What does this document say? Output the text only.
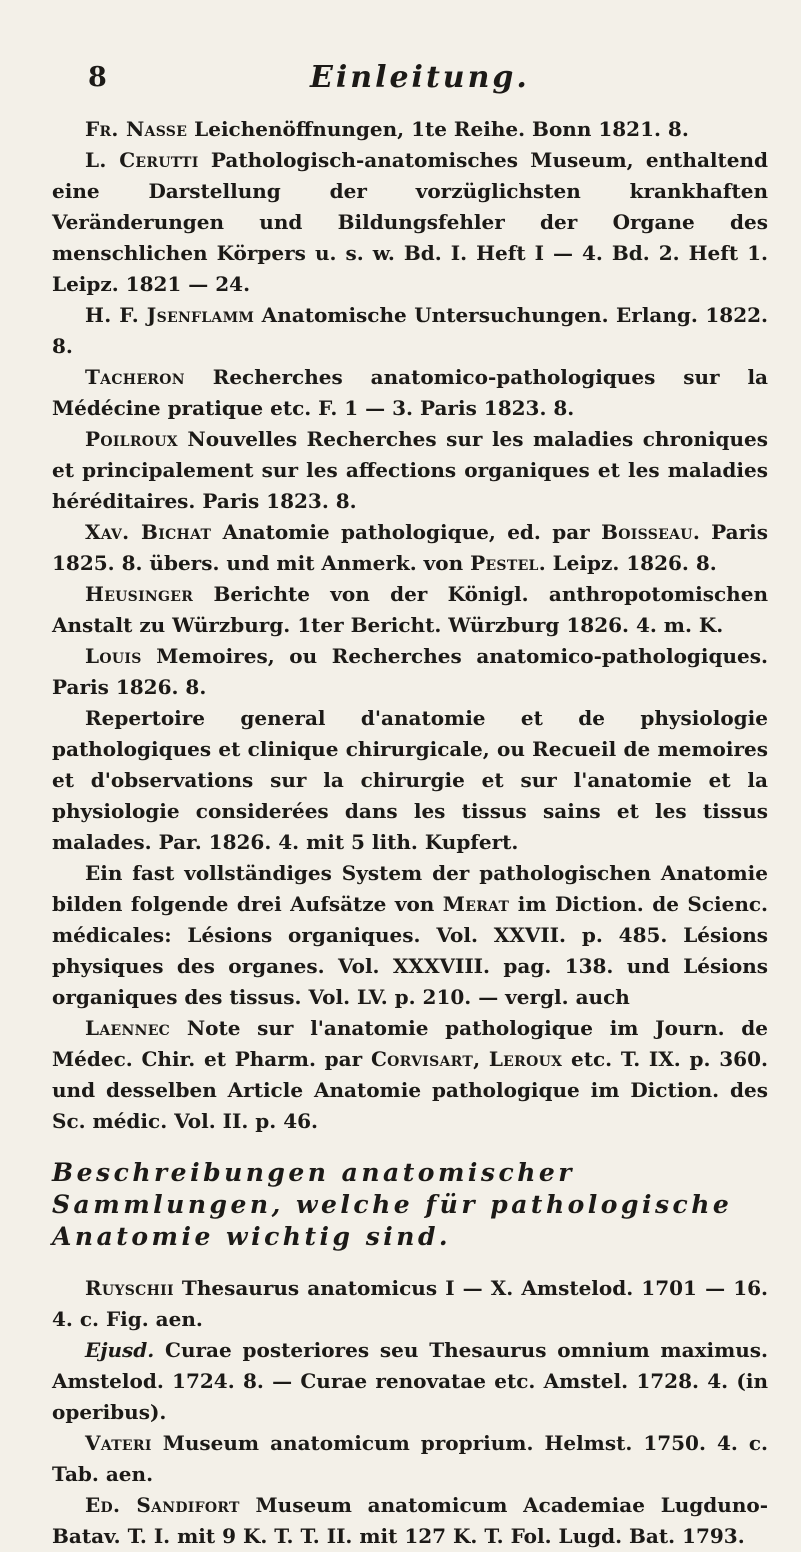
8	Einleitung.

Fr. Nasse Leichenöffnungen, 1te Reihe. Bonn 1821. 8.

L. Cerutti Pathologisch-anatomisches Museum, enthaltend eine Darstellung der vorzüglichsten krankhaften Veränderungen und Bildungsfehler der Organe des menschlichen Körpers u. s. w. Bd. I. Heft I — 4. Bd. 2. Heft 1. Leipz. 1821 — 24.

H. F. Jsenflamm Anatomische Untersuchungen. Erlang. 1822. 8.

Tacheron Recherches anatomico-pathologiques sur la Médécine pratique etc. F. 1 — 3. Paris 1823. 8.

Poilroux Nouvelles Recherches sur les maladies chroniques et principalement sur les affections organiques et les maladies héréditaires. Paris 1823. 8.

Xav. Bichat Anatomie pathologique, ed. par Boisseau. Paris 1825. 8. übers. und mit Anmerk. von Pestel. Leipz. 1826. 8.

Heusinger Berichte von der Königl. anthropotomischen Anstalt zu Würzburg. 1ter Bericht. Würzburg 1826. 4. m. K.

Louis Memoires, ou Recherches anatomico-pathologiques. Paris 1826. 8.

Repertoire general d'anatomie et de physiologie pathologiques et clinique chirurgicale, ou Recueil de memoires et d'observations sur la chirurgie et sur l'anatomie et la physiologie considerées dans les tissus sains et les tissus malades. Par. 1826. 4. mit 5 lith. Kupfert.

Ein fast vollständiges System der pathologischen Anatomie bilden folgende drei Aufsätze von Merat im Diction. de Scienc. médicales: Lésions organiques. Vol. XXVII. p. 485. Lésions physiques des organes. Vol. XXXVIII. pag. 138. und Lésions organiques des tissus. Vol. LV. p. 210. — vergl. auch

Laennec Note sur l'anatomie pathologique im Journ. de Médec. Chir. et Pharm. par Corvisart, Leroux etc. T. IX. p. 360. und desselben Article Anatomie pathologique im Diction. des Sc. médic. Vol. II. p. 46.

Beschreibungen anatomischer Sammlungen, welche für pathologische Anatomie wichtig sind.

Ruyschii Thesaurus anatomicus I — X. Amstelod. 1701 — 16. 4. c. Fig. aen.

Ejusd. Curae posteriores seu Thesaurus omnium maximus. Amstelod. 1724. 8. — Curae renovatae etc. Amstel. 1728. 4. (in operibus).

Vateri Museum anatomicum proprium. Helmst. 1750. 4. c. Tab. aen.

Ed. Sandifort Museum anatomicum Academiae Lugduno-Batav. T. I. mit 9 K. T. T. II. mit 127 K. T. Fol. Lugd. Bat. 1793.
